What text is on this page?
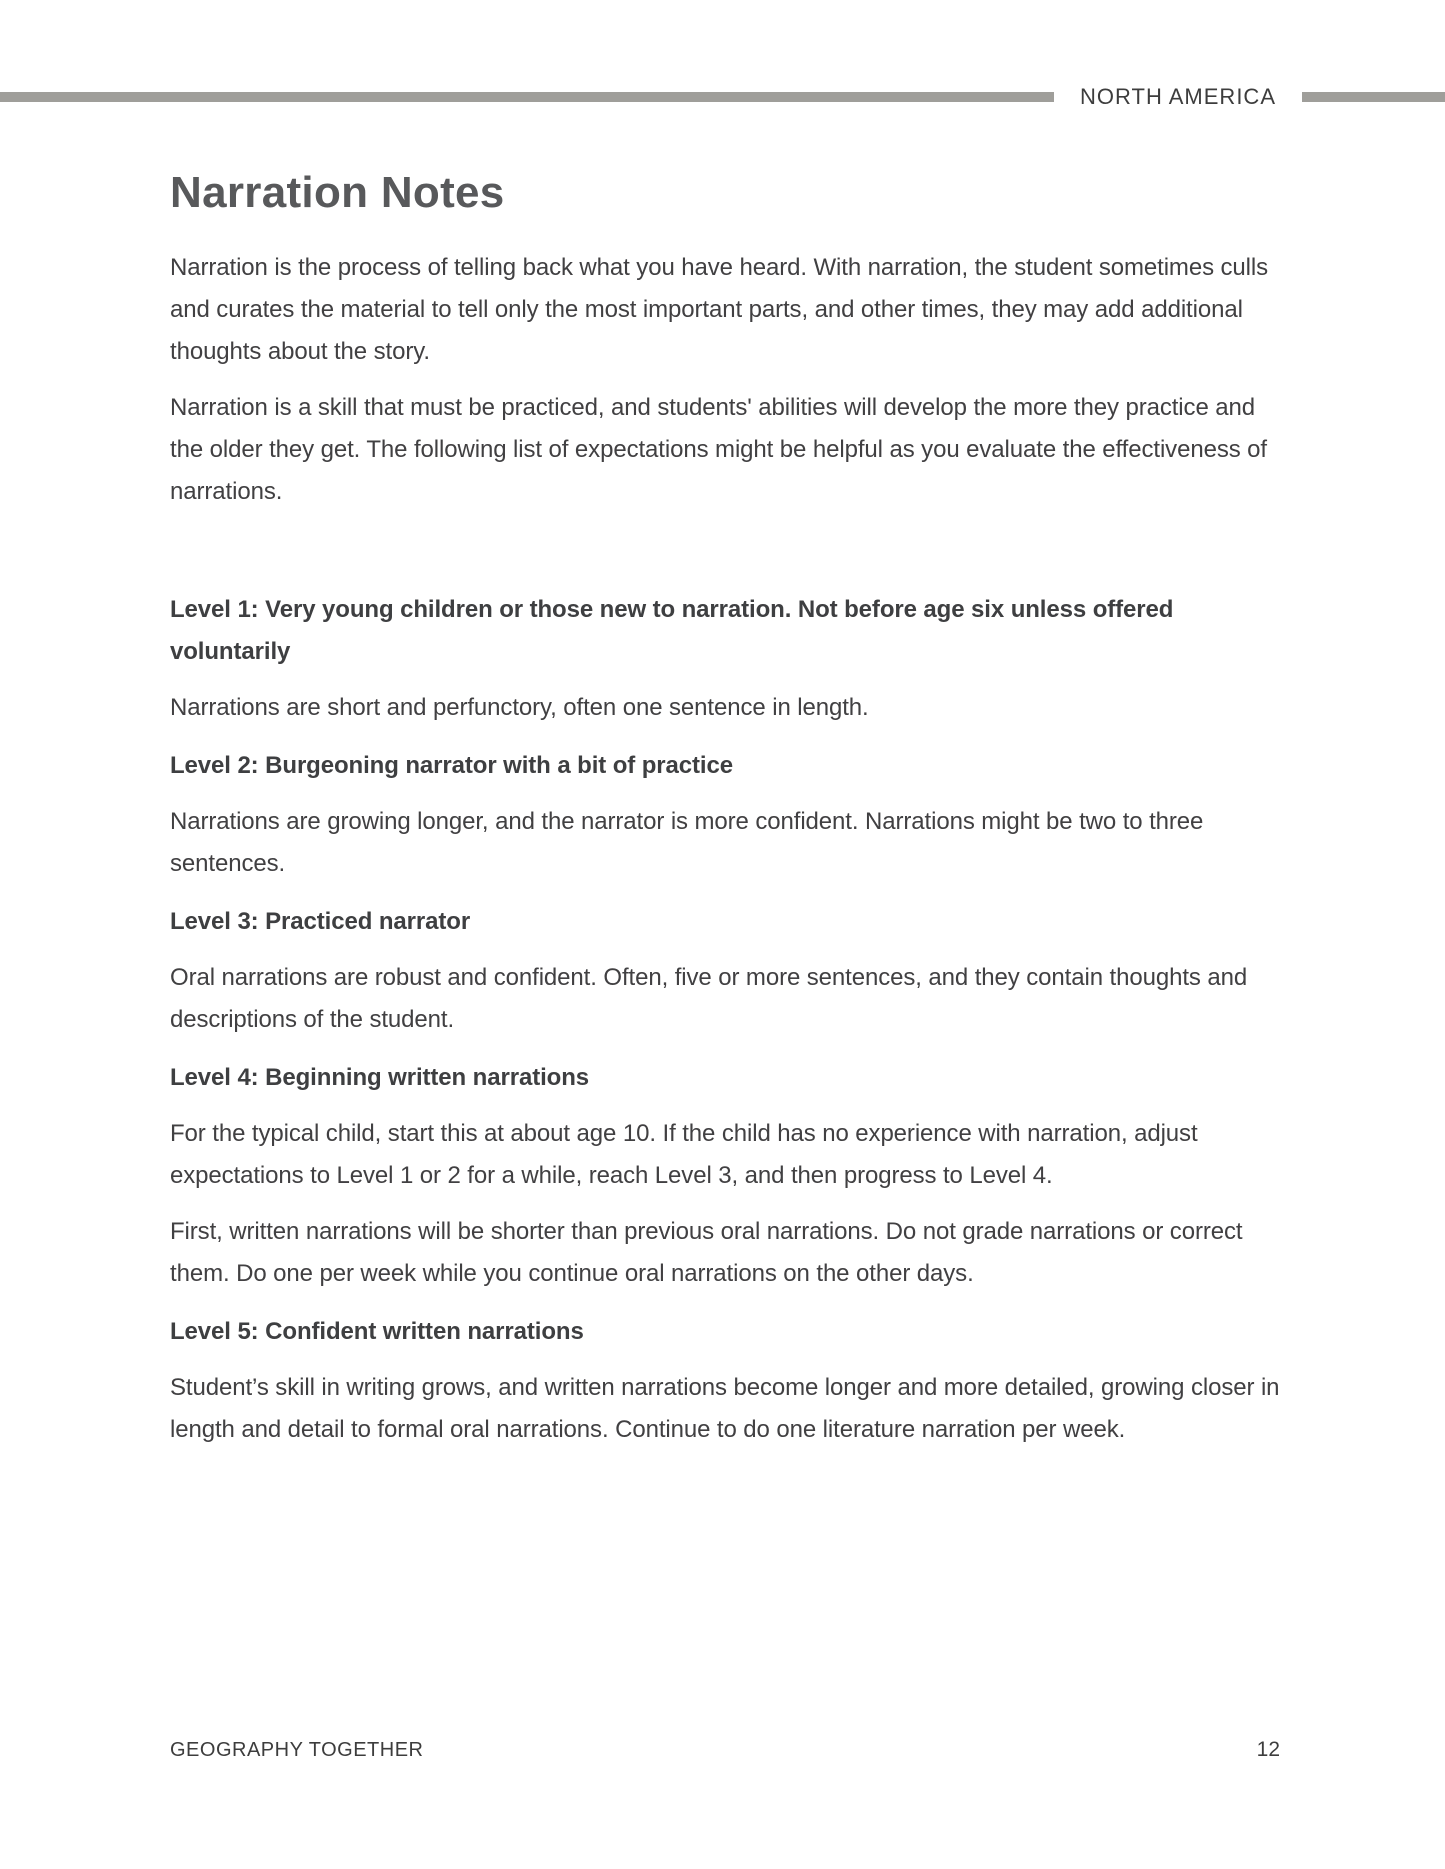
NORTH AMERICA
Narration Notes

Narration is the process of telling back what you have heard. With narration, the student sometimes culls and curates the material to tell only the most important parts, and other times, they may add additional thoughts about the story.

Narration is a skill that must be practiced, and students' abilities will develop the more they practice and the older they get. The following list of expectations might be helpful as you evaluate the effectiveness of narrations.

Level 1: Very young children or those new to narration. Not before age six unless offered voluntarily

Narrations are short and perfunctory, often one sentence in length.

Level 2: Burgeoning narrator with a bit of practice

Narrations are growing longer, and the narrator is more confident. Narrations might be two to three sentences.

Level 3: Practiced narrator

Oral narrations are robust and confident. Often, five or more sentences, and they contain thoughts and descriptions of the student.

Level 4: Beginning written narrations

For the typical child, start this at about age 10. If the child has no experience with narration, adjust expectations to Level 1 or 2 for a while, reach Level 3, and then progress to Level 4.

First, written narrations will be shorter than previous oral narrations. Do not grade narrations or correct them. Do one per week while you continue oral narrations on the other days.

Level 5: Confident written narrations

Student’s skill in writing grows, and written narrations become longer and more detailed, growing closer in length and detail to formal oral narrations. Continue to do one literature narration per week.

GEOGRAPHY TOGETHER	12
